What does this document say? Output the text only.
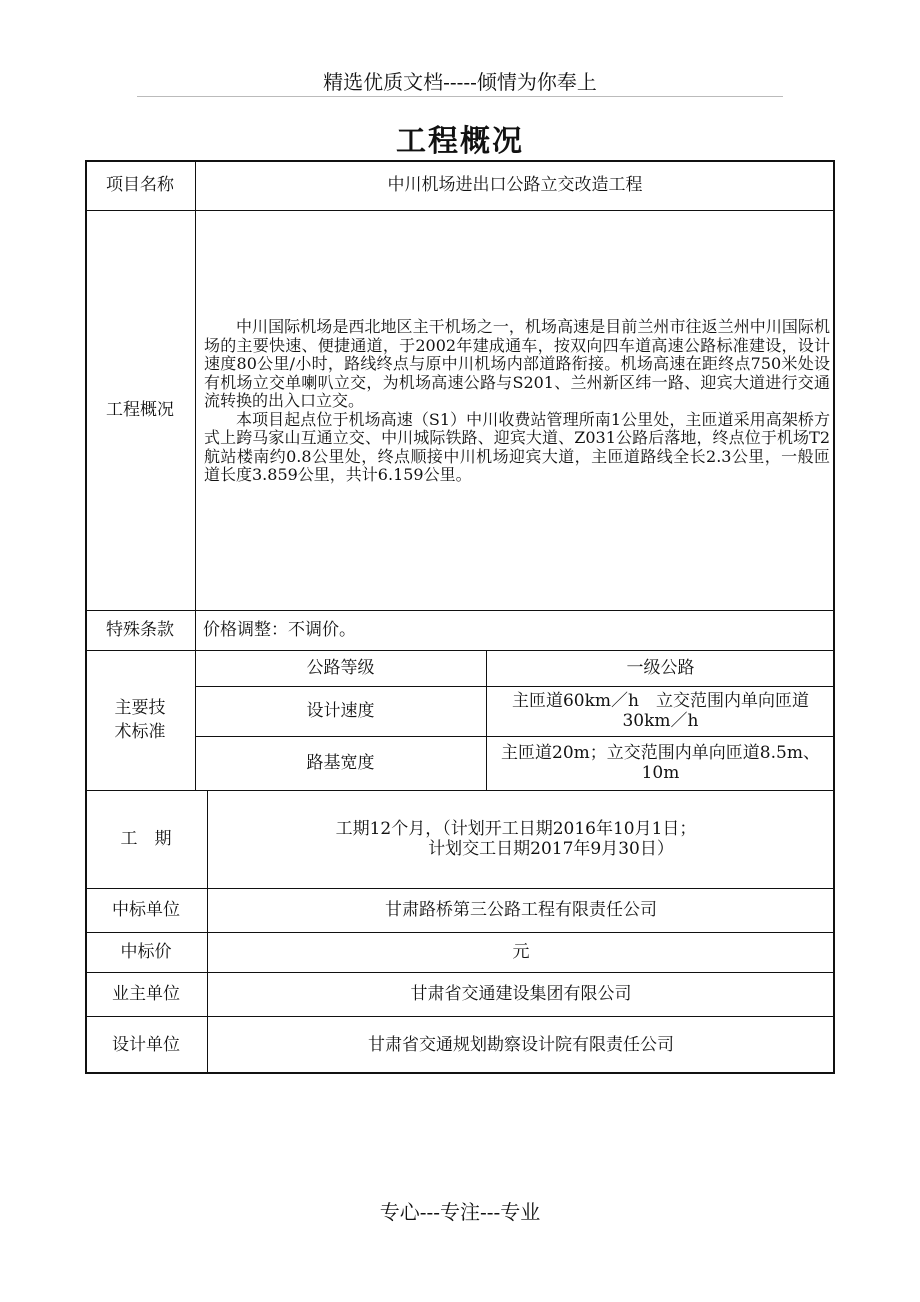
精选优质文档-----倾情为你奉上
工程概况
项目名称	中川机场进出口公路立交改造工程
工程概况

中川国际机场是西北地区主干机场之一，机场高速是目前兰州市往返兰州中川国际机场的主要快速、便捷通道，于2002年建成通车，按双向四车道高速公路标准建设，设计速度80公里/小时，路线终点与原中川机场内部道路衔接。机场高速在距终点750米处设有机场立交单喇叭立交，为机场高速公路与S201、兰州新区纬一路、迎宾大道进行交通流转换的出入口立交。

本项目起点位于机场高速（S1）中川收费站管理所南1公里处，主匝道采用高架桥方式上跨马家山互通立交、中川城际铁路、迎宾大道、Z031公路后落地，终点位于机场T2航站楼南约0.8公里处，终点顺接中川机场迎宾大道，主匝道路线全长2.3公里，一般匝道长度3.859公里，共计6.159公里。

特殊条款	价格调整：不调价。
主要技
术标准
公路等级	一级公路
设计速度	主匝道60km／h　立交范围内单向匝道
30km／h
路基宽度	主匝道20m；立交范围内单向匝道8.5m、
10m
工　期	工期12个月，（计划开工日期2016年10月1日；
计划交工日期2017年9月30日）
中标单位	甘肃路桥第三公路工程有限责任公司
中标价	元
业主单位	甘肃省交通建设集团有限公司
设计单位	甘肃省交通规划勘察设计院有限责任公司
专心---专注---专业
